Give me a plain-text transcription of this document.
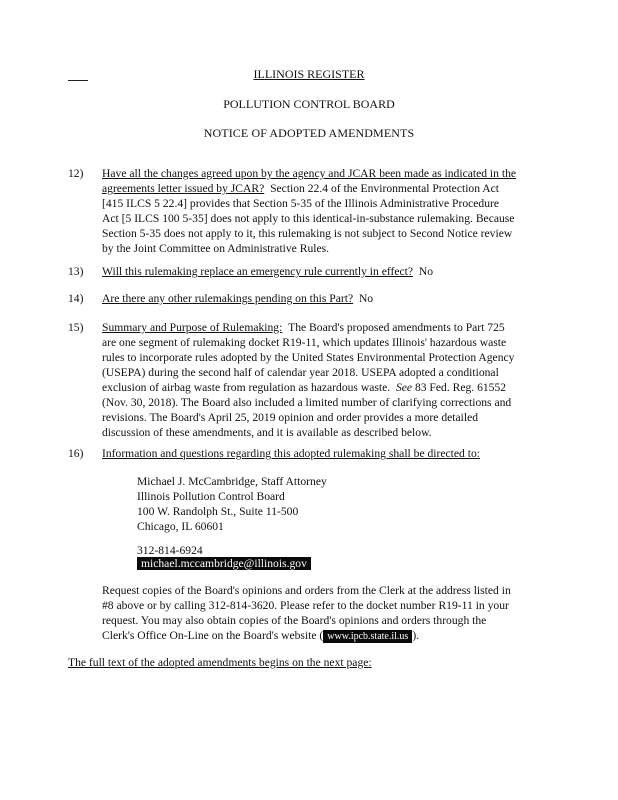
ILLINOIS REGISTER
POLLUTION CONTROL BOARD
NOTICE OF ADOPTED AMENDMENTS
12) Have all the changes agreed upon by the agency and JCAR been made as indicated in the agreements letter issued by JCAR? Section 22.4 of the Environmental Protection Act
[415 ILCS 5 22.4] provides that Section 5-35 of the Illinois Administrative Procedure
Act [5 ILCS 100 5-35] does not apply to this identical-in-substance rulemaking. Because
Section 5-35 does not apply to it, this rulemaking is not subject to Second Notice review
by the Joint Committee on Administrative Rules.
13) Will this rulemaking replace an emergency rule currently in effect? No
14) Are there any other rulemakings pending on this Part? No
15) Summary and Purpose of Rulemaking: The Board's proposed amendments to Part 725
are one segment of rulemaking docket R19-11, which updates Illinois' hazardous waste
rules to incorporate rules adopted by the United States Environmental Protection Agency
(USEPA) during the second half of calendar year 2018. USEPA adopted a conditional
exclusion of airbag waste from regulation as hazardous waste. See 83 Fed. Reg. 61552
(Nov. 30, 2018). The Board also included a limited number of clarifying corrections and
revisions. The Board's April 25, 2019 opinion and order provides a more detailed
discussion of these amendments, and it is available as described below.
16) Information and questions regarding this adopted rulemaking shall be directed to:
Michael J. McCambridge, Staff Attorney
Illinois Pollution Control Board
100 W. Randolph St., Suite 11-500
Chicago, IL 60601
312-814-6924
michael.mccambridge@illinois.gov
Request copies of the Board's opinions and orders from the Clerk at the address listed in
#8 above or by calling 312-814-3620. Please refer to the docket number R19-11 in your
request. You may also obtain copies of the Board's opinions and orders through the
Clerk's Office On-Line on the Board's website ( www.ipcb.state.il.us ).
The full text of the adopted amendments begins on the next page:
